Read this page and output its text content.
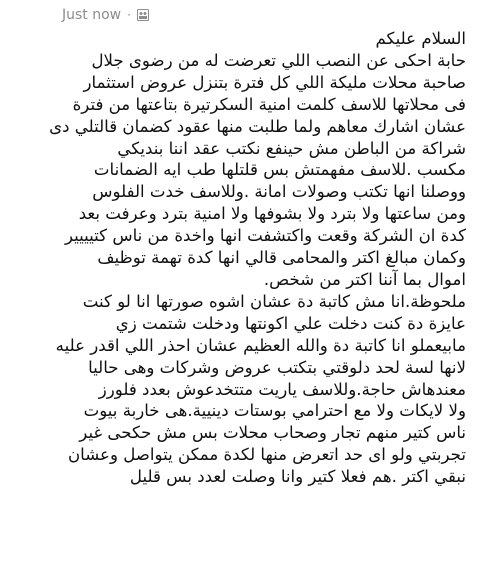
Just now ·
السلام عليكم
حابة احكى عن النصب اللي تعرضت له من رضوى جلال
صاحبة محلات مليكة اللي كل فترة بتنزل عروض استثمار
فى محلاتها للاسف كلمت امنية السكرتيرة بتاعتها من فترة
عشان اشارك معاهم ولما طلبت منها عقود كضمان قالتلي دى
شراكة من الباطن مش حينفع نكتب عقد اننا بنديكي
مكسب .للاسف مفهمتش بس قلتلها طب ايه الضمانات
ووصلنا انها تكتب وصولات امانة .وللاسف خدت الفلوس
ومن ساعتها ولا بترد ولا بشوفها ولا امنية بترد وعرفت بعد
كدة ان الشركة وقعت واكتشفت انها واخدة من ناس كتيييير
وكمان مبالغ اكتر والمحامى قالي انها كدة تهمة توظيف
اموال بما آننا اكتر من شخص.
ملحوظة.انا مش كاتبة دة عشان اشوه صورتها انا لو كنت
عايزة دة كنت دخلت علي اكونتها ودخلت شتمت زي
مابيعملو انا كاتبة دة والله العظيم عشان احذر اللي اقدر عليه
لانها لسة لحد دلوقتي بتكتب عروض وشركات وهى حاليا
معندهاش حاجة.وللاسف ياريت متتخدعوش بعدد فلورز
ولا لايكات ولا مع احترامي بوستات دينيية.هى خاربة بيوت
ناس كتير منهم تجار وصحاب محلات بس مش حكحى غير
تجربتي ولو اى حد اتعرض منها لكدة ممكن يتواصل وعشان
نبقي اكتر .هم فعلا كتير وانا وصلت لعدد بس قليل
